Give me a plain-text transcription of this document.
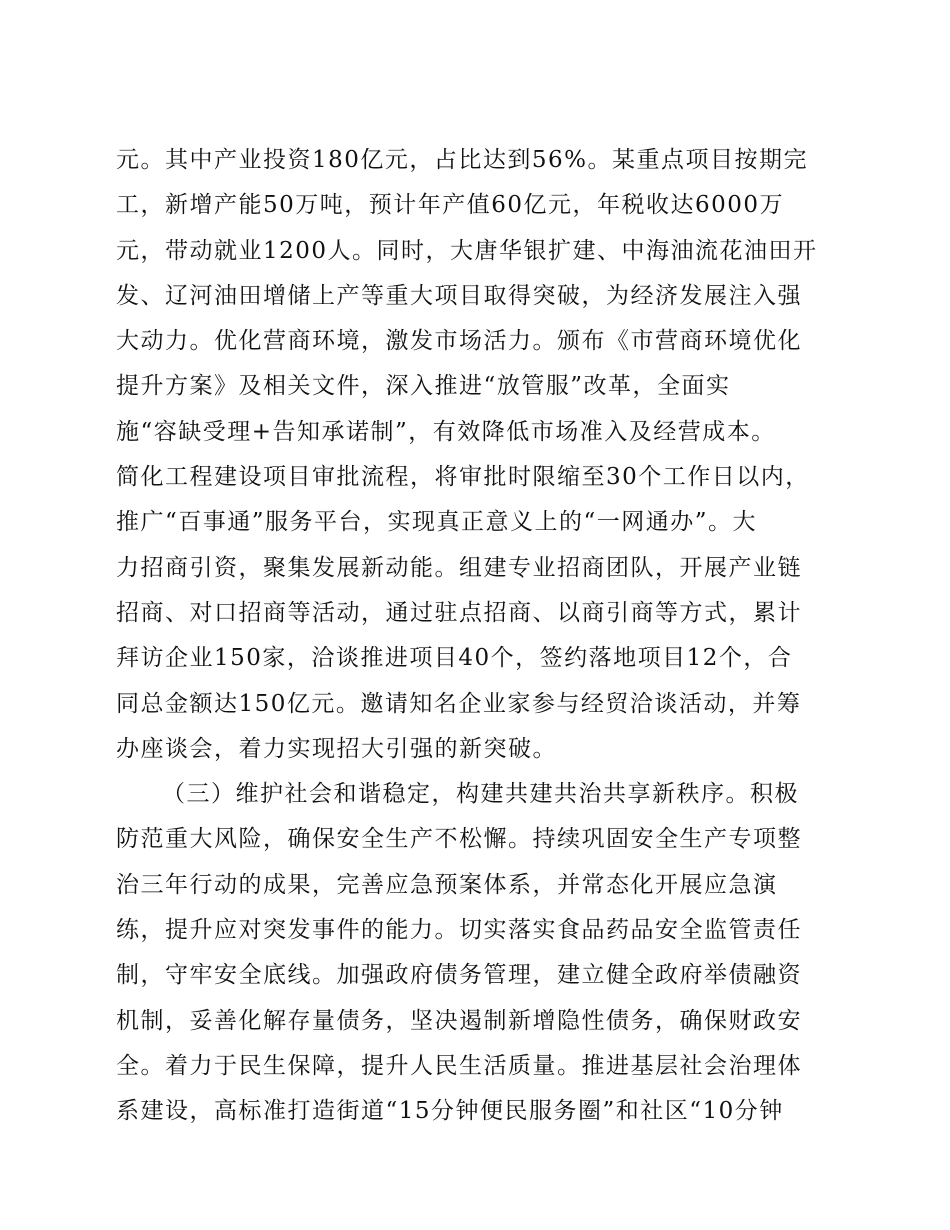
元。其中产业投资180亿元，占比达到56%。某重点项目按期完
工，新增产能50万吨，预计年产值60亿元，年税收达6000万
元，带动就业1200人。同时，大唐华银扩建、中海油流花油田开
发、辽河油田增储上产等重大项目取得突破，为经济发展注入强
大动力。优化营商环境，激发市场活力。颁布《市营商环境优化
提升方案》及相关文件，深入推进“放管服”改革，全面实
施“容缺受理+告知承诺制”，有效降低市场准入及经营成本。
简化工程建设项目审批流程，将审批时限缩至30个工作日以内，
推广“百事通”服务平台，实现真正意义上的“一网通办”。大
力招商引资，聚集发展新动能。组建专业招商团队，开展产业链
招商、对口招商等活动，通过驻点招商、以商引商等方式，累计
拜访企业150家，洽谈推进项目40个，签约落地项目12个，合
同总金额达150亿元。邀请知名企业家参与经贸洽谈活动，并筹
办座谈会，着力实现招大引强的新突破。
（三）维护社会和谐稳定，构建共建共治共享新秩序。积极
防范重大风险，确保安全生产不松懈。持续巩固安全生产专项整
治三年行动的成果，完善应急预案体系，并常态化开展应急演
练，提升应对突发事件的能力。切实落实食品药品安全监管责任
制，守牢安全底线。加强政府债务管理，建立健全政府举债融资
机制，妥善化解存量债务，坚决遏制新增隐性债务，确保财政安
全。着力于民生保障，提升人民生活质量。推进基层社会治理体
系建设，高标准打造街道“15分钟便民服务圈”和社区“10分钟
